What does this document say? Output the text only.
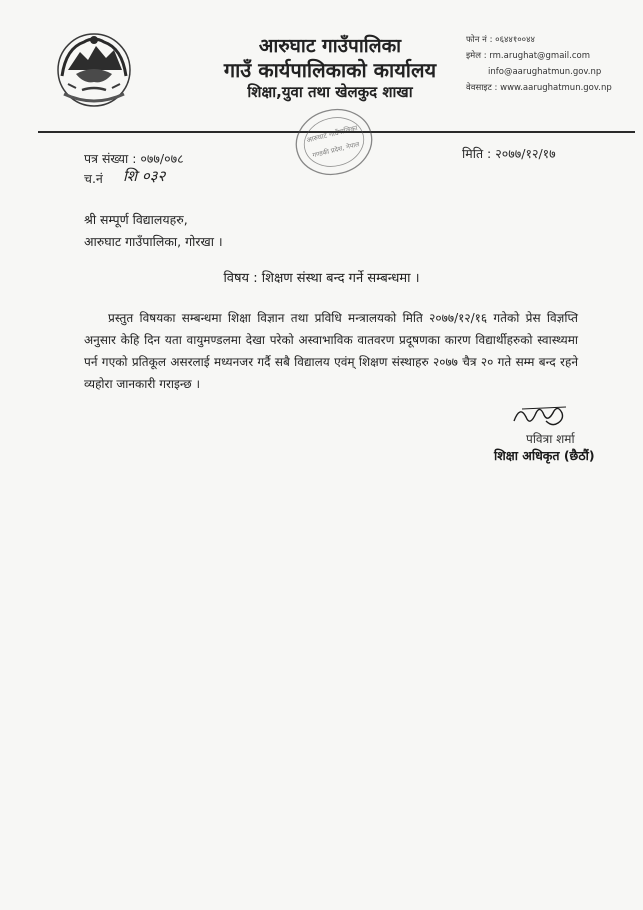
आरुघाट गाउँपालिका
गाउँ कार्यपालिकाको कार्यालय
शिक्षा,युवा तथा खेलकुद शाखा
फोन नं : ०६४४१००४४
इमेल : rm.arughat@gmail.com
info@aarughatmun.gov.np
वेवसाइट : www.aarughatmun.gov.np
आरुघाट गाउँपालिका
गण्डकी प्रदेश, नेपाल
पत्र संख्या : ०७७/०७८
च.नं शि ०३२
मिति : २०७७/१२/१७
श्री सम्पूर्ण विद्यालयहरु,
आरुघाट गाउँपालिका, गोरखा ।
विषय : शिक्षण संस्था बन्द गर्ने सम्बन्धमा ।
प्रस्तुत विषयका सम्बन्धमा शिक्षा विज्ञान तथा प्रविधि मन्त्रालयको मिति २०७७/१२/१६ गतेको प्रेस विज्ञप्ति अनुसार केहि दिन यता वायुमण्डलमा देखा परेको अस्वाभाविक वातवरण प्रदूषणका कारण विद्यार्थीहरुको स्वास्थ्यमा पर्न गएको प्रतिकूल असरलाई मध्यनजर गर्दै सबै विद्यालय एवंम् शिक्षण संस्थाहरु २०७७ चैत्र २० गते सम्म बन्द रहने व्यहोरा जानकारी गराइन्छ ।
पवित्रा शर्मा
शिक्षा अधिकृत (छैठौं)
